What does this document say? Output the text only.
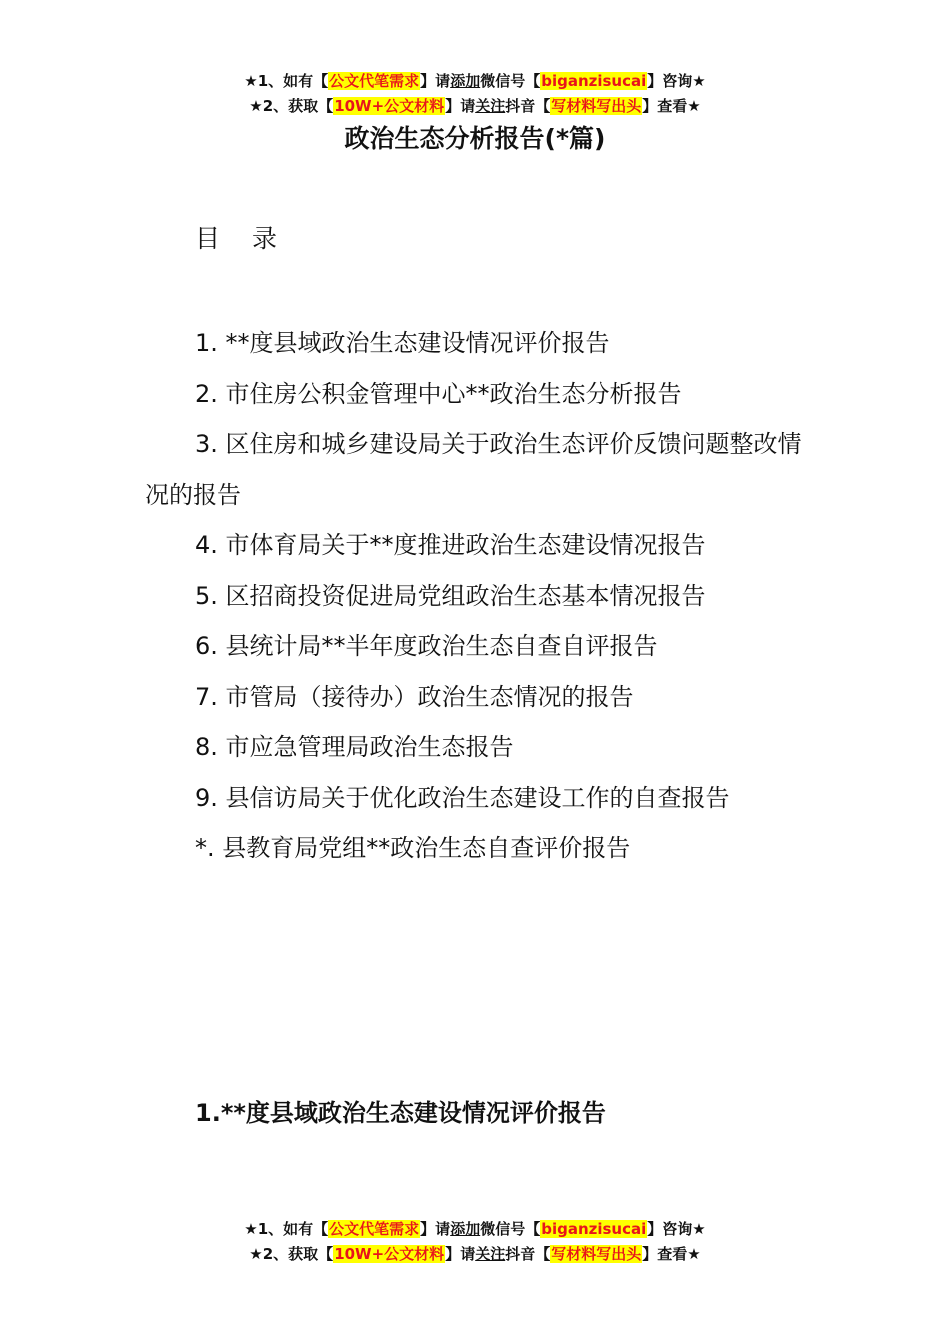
★1、如有【公文代笔需求】请添加微信号【biganzisucai】咨询★
★2、获取【10W+公文材料】请关注抖音【写材料写出头】查看★
政治生态分析报告(*篇)
目 录
1. **度县域政治生态建设情况评价报告
2. 市住房公积金管理中心**政治生态分析报告
3. 区住房和城乡建设局关于政治生态评价反馈问题整改情况的报告
4. 市体育局关于**度推进政治生态建设情况报告
5. 区招商投资促进局党组政治生态基本情况报告
6. 县统计局**半年度政治生态自查自评报告
7. 市管局（接待办）政治生态情况的报告
8. 市应急管理局政治生态报告
9. 县信访局关于优化政治生态建设工作的自查报告
*. 县教育局党组**政治生态自查评价报告
1.**度县域政治生态建设情况评价报告
★1、如有【公文代笔需求】请添加微信号【biganzisucai】咨询★
★2、获取【10W+公文材料】请关注抖音【写材料写出头】查看★
